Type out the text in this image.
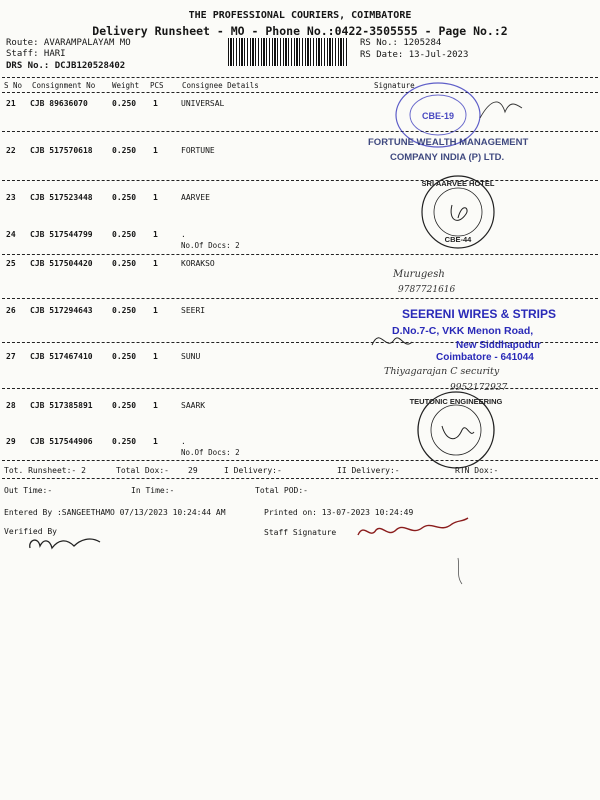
THE PROFESSIONAL COURIERS, COIMBATORE
Delivery Runsheet - MO - Phone No.:0422-3505555 - Page No.:2
Route: AVARAMPALAYAM MO
Staff: HARI
DRS No.: DCJB120528402
RS No.: 1205284
RS Date: 13-Jul-2023
S No Consignment No Weight PCS Consignee Details	Signature
21 CJB 89636070	0.250 1	UNIVERSAL
22 CJB 517570618 0.250 1	FORTUNE
23 CJB 517523448 0.250 1	AARVEE
24 CJB 517544799 0.250 1	.
No.Of Docs: 2
25 CJB 517504420 0.250 1	KORAKSO
26 CJB 517294643 0.250 1	SEERI
27 CJB 517467410 0.250 1	SUNU
28 CJB 517385891 0.250 1	SAARK
29 CJB 517544906 0.250 1	.
No.Of Docs: 2
Tot. Runsheet:- 2	Total Dox:- 29	I Delivery:-	II Delivery:-	RTN Dox:-
Out Time:-	In Time:-	Total POD:-
Entered By :SANGEETHAMO 07/13/2023 10:24:44 AM	Printed on: 13-07-2023 10:24:49
Verified By	Staff Signature
CBE-19
FORTUNE WEALTH MANAGEMENT
COMPANY INDIA (P) LTD.
SRI AARVEE HOTEL
CBE-44
Murugesh
9787721616
SEERENI WIRES & STRIPS
D.No.7-C, VKK Menon Road,
New Siddhapudur
Coimbatore - 641044
Thiyagarajan C security
9952172937
TEUTONIC ENGINEERING
